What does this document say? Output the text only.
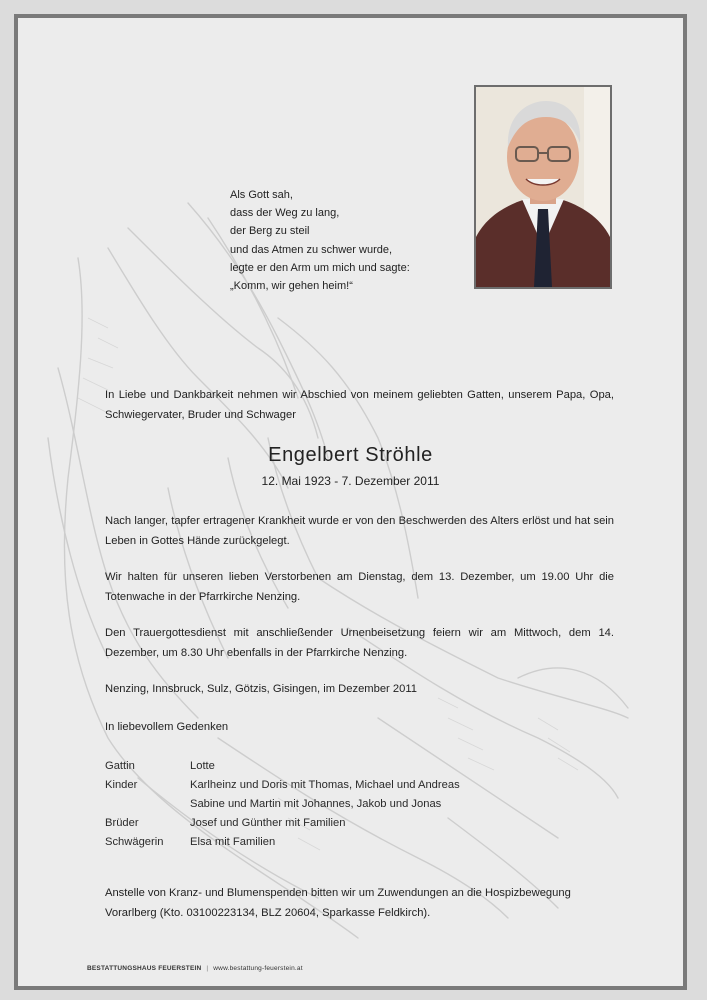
Als Gott sah,
dass der Weg zu lang,
der Berg zu steil
und das Atmen zu schwer wurde,
legte er den Arm um mich und sagte:
„Komm, wir gehen heim!“
In Liebe und Dankbarkeit nehmen wir Abschied von meinem geliebten Gatten, unserem Papa, Opa, Schwiegervater, Bruder und Schwager
Engelbert Ströhle
12. Mai 1923 - 7. Dezember 2011
Nach langer, tapfer ertragener Krankheit wurde er von den Beschwerden des Alters erlöst und hat sein Leben in Gottes Hände zurückgelegt.
Wir halten für unseren lieben Verstorbenen am Dienstag, dem 13. Dezember, um 19.00 Uhr die Totenwache in der Pfarrkirche Nenzing.
Den Trauergottesdienst mit anschließender Urnenbeisetzung feiern wir am Mittwoch, dem 14. Dezember, um 8.30 Uhr ebenfalls in der Pfarrkirche Nenzing.
Nenzing, Innsbruck, Sulz, Götzis, Gisingen, im Dezember 2011
In liebevollem Gedenken
Gattin	Lotte
Kinder	Karlheinz und Doris mit Thomas, Michael und Andreas
Sabine und Martin mit Johannes, Jakob und Jonas
Brüder	Josef und Günther mit Familien
Schwägerin Elsa mit Familien
Anstelle von Kranz- und Blumenspenden bitten wir um Zuwendungen an die Hospizbewegung Vorarlberg (Kto. 03100223134, BLZ 20604, Sparkasse Feldkirch).
BESTATTUNGSHAUS FEUERSTEIN | www.bestattung-feuerstein.at
